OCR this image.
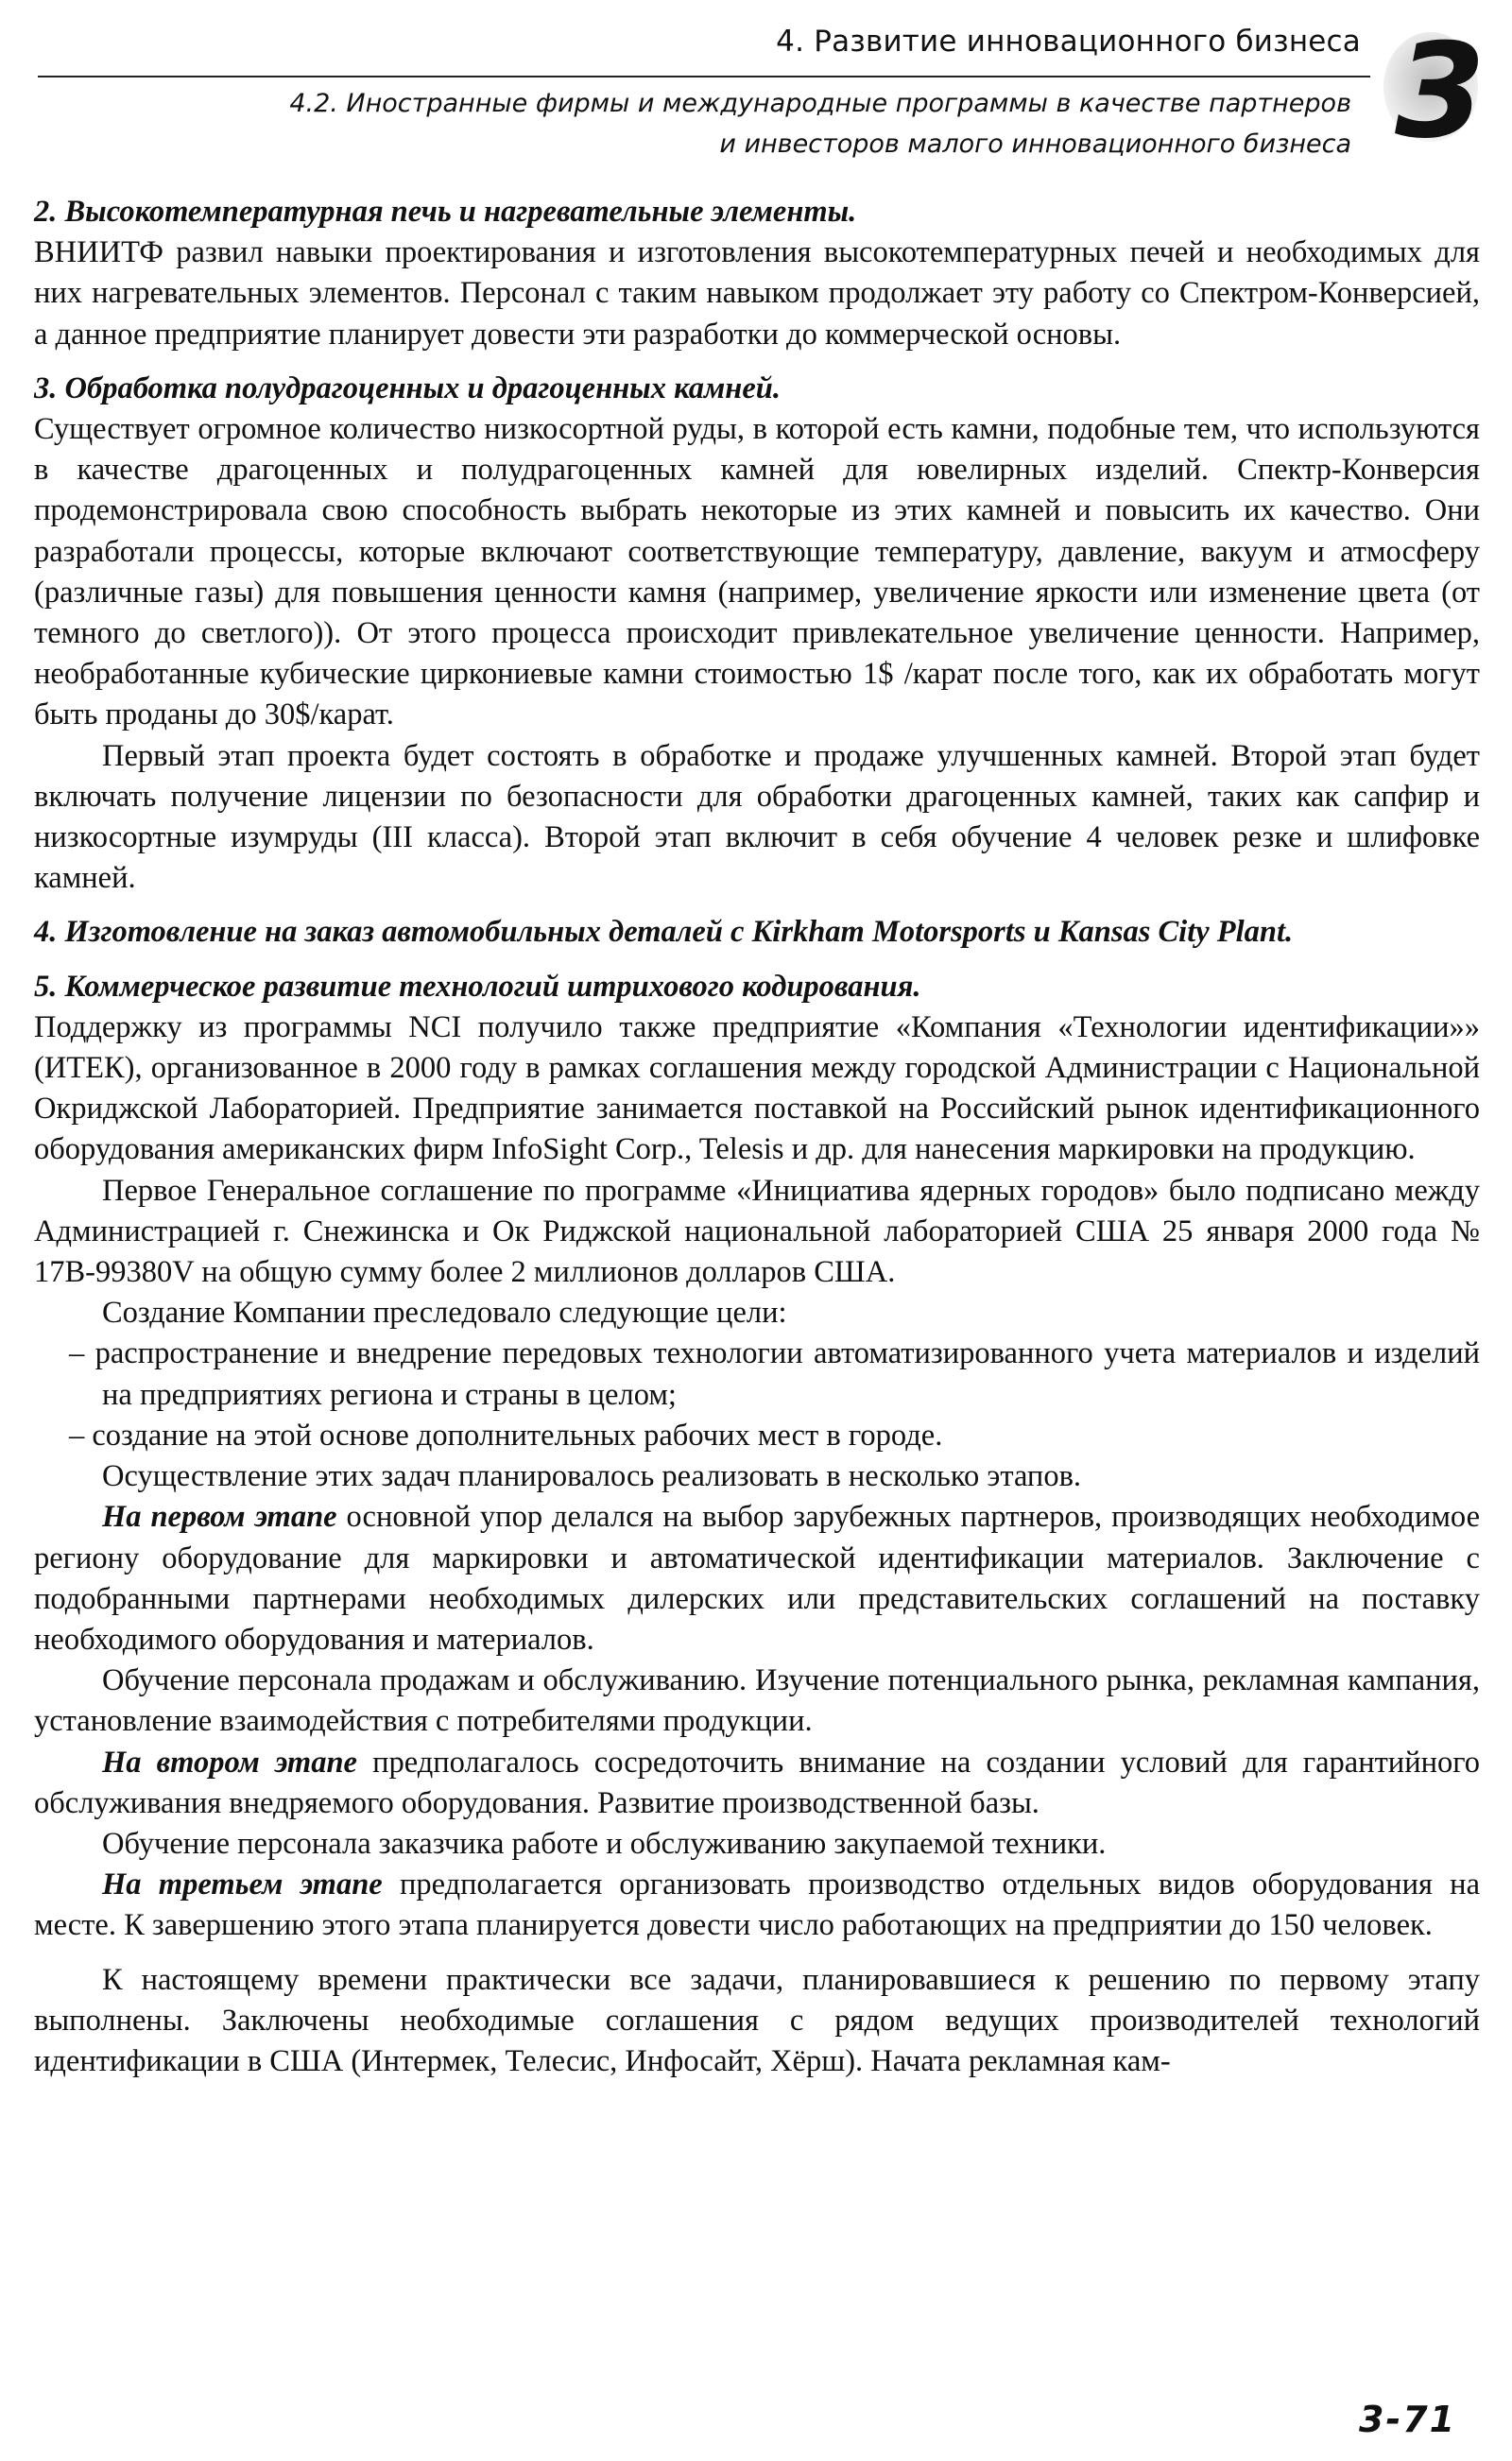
4. Развитие инновационного бизнеса
4.2. Иностранные фирмы и международные программы в качестве партнеров
и инвесторов малого инновационного бизнеса 3

2. Высокотемпературная печь и нагревательные элементы.

ВНИИТФ развил навыки проектирования и изготовления высокотемпературных печей и необходимых для них нагревательных элементов. Персонал с таким навыком продолжает эту работу со Спектром-Конверсией, а данное предприятие планирует довести эти разработки до коммерческой основы.

3. Обработка полудрагоценных и драгоценных камней.

Существует огромное количество низкосортной руды, в которой есть камни, подобные тем, что используются в качестве драгоценных и полудрагоценных камней для ювелирных изделий. Спектр-Конверсия продемонстрировала свою способность выбрать некоторые из этих камней и повысить их качество. Они разработали процессы, которые включают соответствующие температуру, давление, вакуум и атмосферу (различные газы) для повышения ценности камня (например, увеличение яркости или изменение цвета (от темного до светлого)). От этого процесса происходит привлекательное увеличение ценности. Например, необработанные кубические циркониевые камни стоимостью 1$ /карат после того, как их обработать могут быть проданы до 30$/карат.

Первый этап проекта будет состоять в обработке и продаже улучшенных камней. Второй этап будет включать получение лицензии по безопасности для обработки драгоценных камней, таких как сапфир и низкосортные изумруды (III класса). Второй этап включит в себя обучение 4 человек резке и шлифовке камней.

4. Изготовление на заказ автомобильных деталей с Kirkham Motorsports и Kansas City Plant.

5. Коммерческое развитие технологий штрихового кодирования.

Поддержку из программы NCI получило также предприятие «Компания «Технологии идентификации»» (ИТЕК), организованное в 2000 году в рамках соглашения между городской Администрации с Национальной Окриджской Лабораторией. Предприятие занимается поставкой на Российский рынок идентификационного оборудования американских фирм InfoSight Corp., Telesis и др. для нанесения маркировки на продукцию.

Первое Генеральное соглашение по программе «Инициатива ядерных городов» было подписано между Администрацией г. Снежинска и Ок Риджской национальной лабораторией США 25 января 2000 года № 17В-99380V на общую сумму более 2 миллионов долларов США.

Создание Компании преследовало следующие цели:

– распространение и внедрение передовых технологии автоматизированного учета материалов и изделий на предприятиях региона и страны в целом;

– создание на этой основе дополнительных рабочих мест в городе.

Осуществление этих задач планировалось реализовать в несколько этапов.

На первом этапе основной упор делался на выбор зарубежных партнеров, производящих необходимое региону оборудование для маркировки и автоматической идентификации материалов. Заключение с подобранными партнерами необходимых дилерских или представительских соглашений на поставку необходимого оборудования и материалов.

Обучение персонала продажам и обслуживанию. Изучение потенциального рынка, рекламная кампания, установление взаимодействия с потребителями продукции.

На втором этапе предполагалось сосредоточить внимание на создании условий для гарантийного обслуживания внедряемого оборудования. Развитие производственной базы.

Обучение персонала заказчика работе и обслуживанию закупаемой техники.

На третьем этапе предполагается организовать производство отдельных видов оборудования на месте. К завершению этого этапа планируется довести число работающих на предприятии до 150 человек.

К настоящему времени практически все задачи, планировавшиеся к решению по первому этапу выполнены. Заключены необходимые соглашения с рядом ведущих производителей технологий идентификации в США (Интермек, Телесис, Инфосайт, Хёрш). Начата рекламная кам-

3-71
